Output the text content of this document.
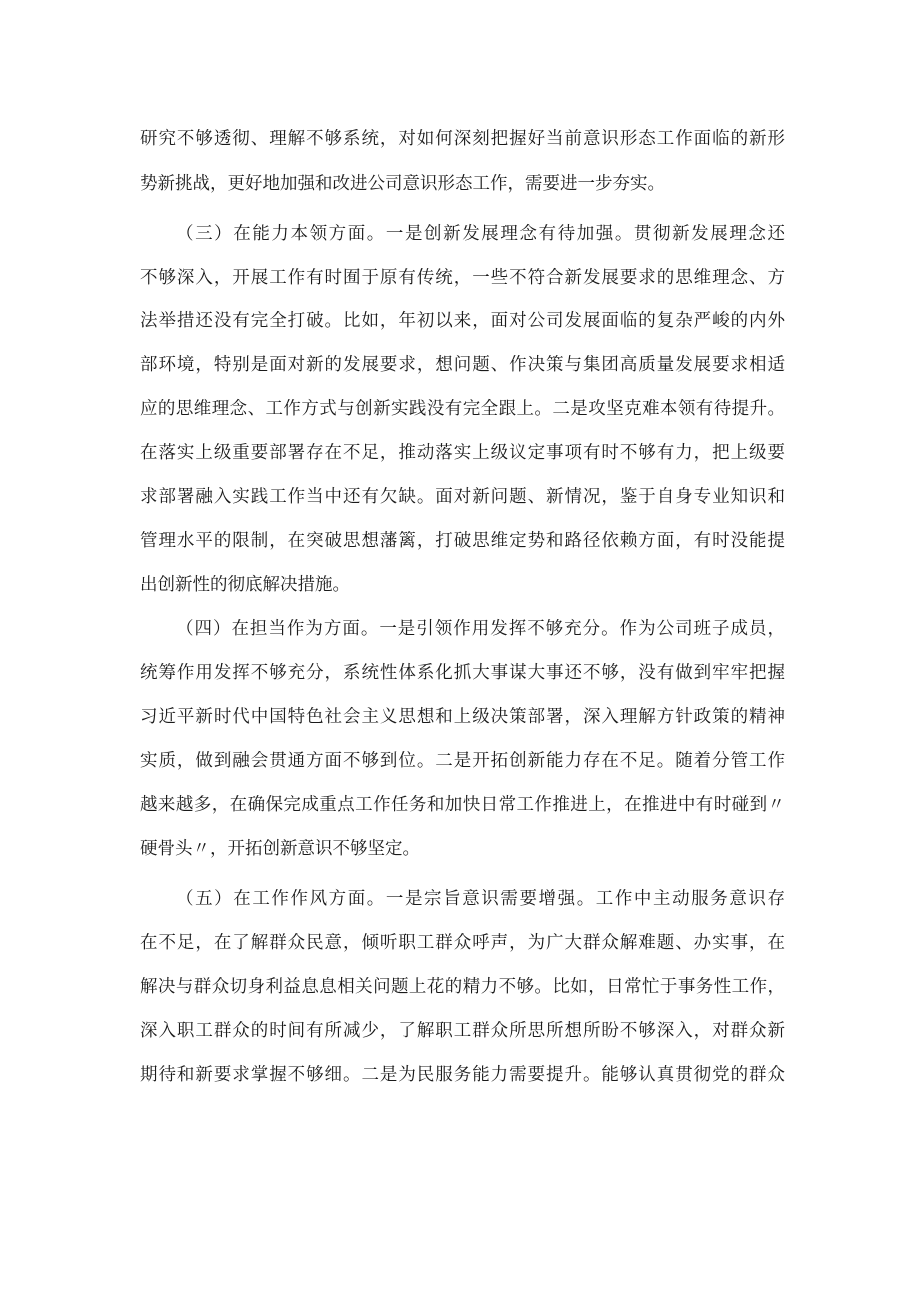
研究不够透彻、理解不够系统，对如何深刻把握好当前意识形态工作面临的新形
势新挑战，更好地加强和改进公司意识形态工作，需要进一步夯实。
（三）在能力本领方面。一是创新发展理念有待加强。贯彻新发展理念还
不够深入，开展工作有时囿于原有传统，一些不符合新发展要求的思维理念、方
法举措还没有完全打破。比如，年初以来，面对公司发展面临的复杂严峻的内外
部环境，特别是面对新的发展要求，想问题、作决策与集团高质量发展要求相适
应的思维理念、工作方式与创新实践没有完全跟上。二是攻坚克难本领有待提升。
在落实上级重要部署存在不足，推动落实上级议定事项有时不够有力，把上级要
求部署融入实践工作当中还有欠缺。面对新问题、新情况，鉴于自身专业知识和
管理水平的限制，在突破思想藩篱，打破思维定势和路径依赖方面，有时没能提
出创新性的彻底解决措施。
（四）在担当作为方面。一是引领作用发挥不够充分。作为公司班子成员，
统筹作用发挥不够充分，系统性体系化抓大事谋大事还不够，没有做到牢牢把握
习近平新时代中国特色社会主义思想和上级决策部署，深入理解方针政策的精神
实质，做到融会贯通方面不够到位。二是开拓创新能力存在不足。随着分管工作
越来越多，在确保完成重点工作任务和加快日常工作推进上，在推进中有时碰到〃
硬骨头〃，开拓创新意识不够坚定。
（五）在工作作风方面。一是宗旨意识需要增强。工作中主动服务意识存
在不足，在了解群众民意，倾听职工群众呼声，为广大群众解难题、办实事，在
解决与群众切身利益息息相关问题上花的精力不够。比如，日常忙于事务性工作，
深入职工群众的时间有所减少，了解职工群众所思所想所盼不够深入，对群众新
期待和新要求掌握不够细。二是为民服务能力需要提升。能够认真贯彻党的群众
